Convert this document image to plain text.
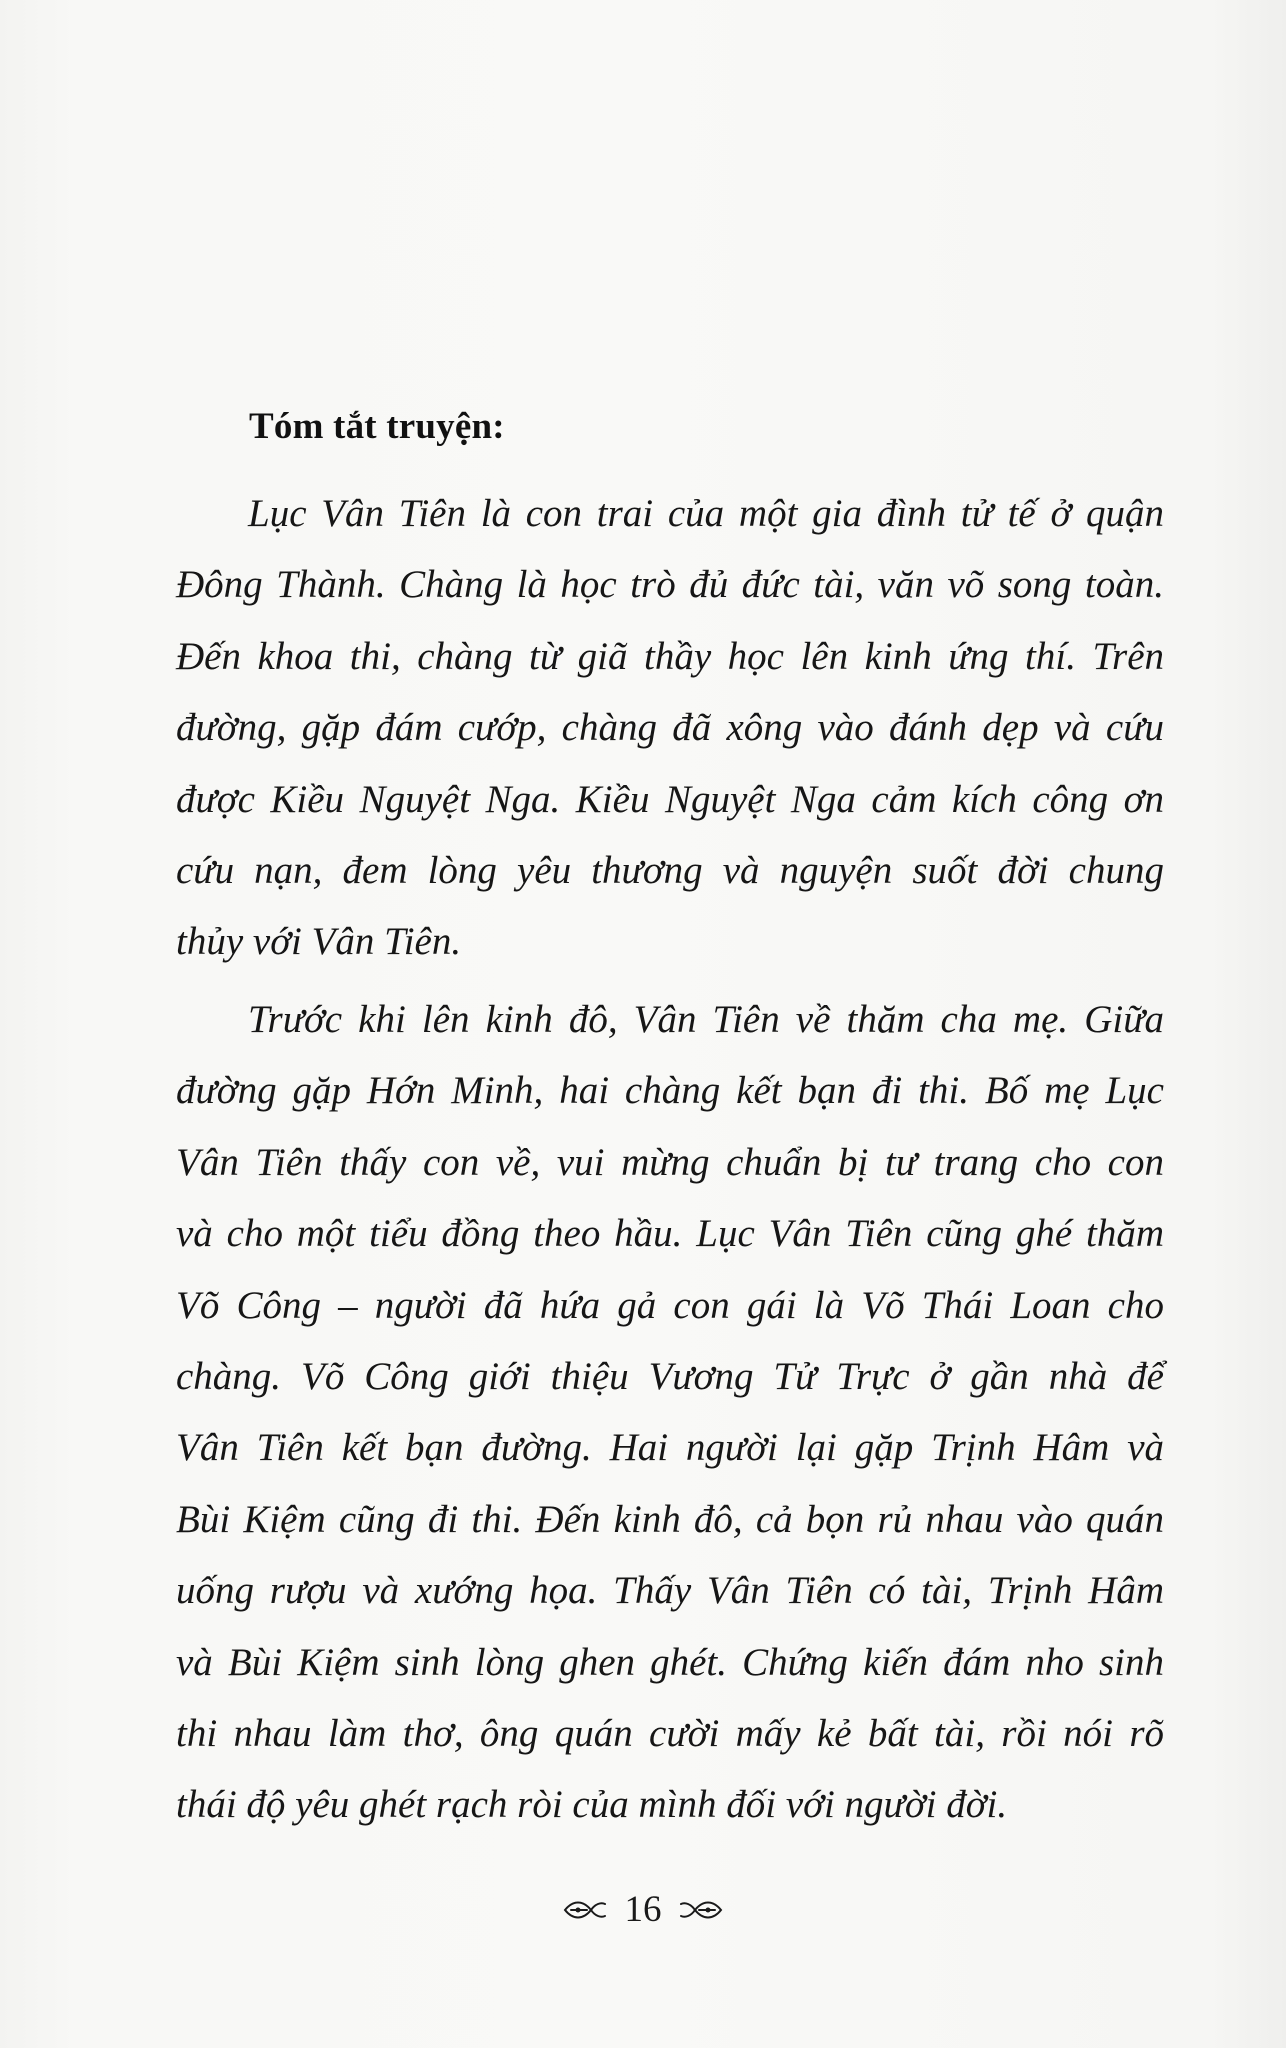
Tóm tắt truyện:
Lục Vân Tiên là con trai của một gia đình tử tế ở quận
Đông Thành. Chàng là học trò đủ đức tài, văn võ song toàn.
Đến khoa thi, chàng từ giã thầy học lên kinh ứng thí. Trên
đường, gặp đám cướp, chàng đã xông vào đánh dẹp và cứu
được Kiều Nguyệt Nga. Kiều Nguyệt Nga cảm kích công ơn
cứu nạn, đem lòng yêu thương và nguyện suốt đời chung
thủy với Vân Tiên.
Trước khi lên kinh đô, Vân Tiên về thăm cha mẹ. Giữa
đường gặp Hớn Minh, hai chàng kết bạn đi thi. Bố mẹ Lục
Vân Tiên thấy con về, vui mừng chuẩn bị tư trang cho con
và cho một tiểu đồng theo hầu. Lục Vân Tiên cũng ghé thăm
Võ Công – người đã hứa gả con gái là Võ Thái Loan cho
chàng. Võ Công giới thiệu Vương Tử Trực ở gần nhà để
Vân Tiên kết bạn đường. Hai người lại gặp Trịnh Hâm và
Bùi Kiệm cũng đi thi. Đến kinh đô, cả bọn rủ nhau vào quán
uống rượu và xướng họa. Thấy Vân Tiên có tài, Trịnh Hâm
và Bùi Kiệm sinh lòng ghen ghét. Chứng kiến đám nho sinh
thi nhau làm thơ, ông quán cười mấy kẻ bất tài, rồi nói rõ
thái độ yêu ghét rạch ròi của mình đối với người đời.
16
